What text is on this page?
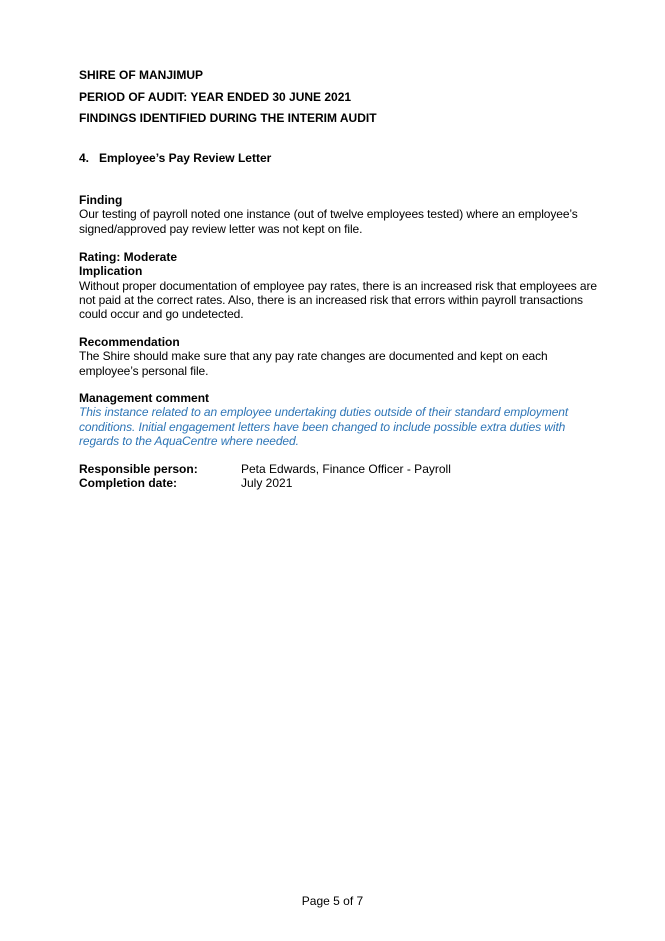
SHIRE OF MANJIMUP
PERIOD OF AUDIT: YEAR ENDED 30 JUNE 2021
FINDINGS IDENTIFIED DURING THE INTERIM AUDIT
4. Employee’s Pay Review Letter
Finding
Our testing of payroll noted one instance (out of twelve employees tested) where an employee’s signed/approved pay review letter was not kept on file.
Rating: Moderate
Implication
Without proper documentation of employee pay rates, there is an increased risk that employees are not paid at the correct rates. Also, there is an increased risk that errors within payroll transactions could occur and go undetected.
Recommendation
The Shire should make sure that any pay rate changes are documented and kept on each employee’s personal file.
Management comment
This instance related to an employee undertaking duties outside of their standard employment conditions. Initial engagement letters have been changed to include possible extra duties with regards to the AquaCentre where needed.
Responsible person:	Peta Edwards, Finance Officer - Payroll
Completion date:	July 2021
Page 5 of 7
